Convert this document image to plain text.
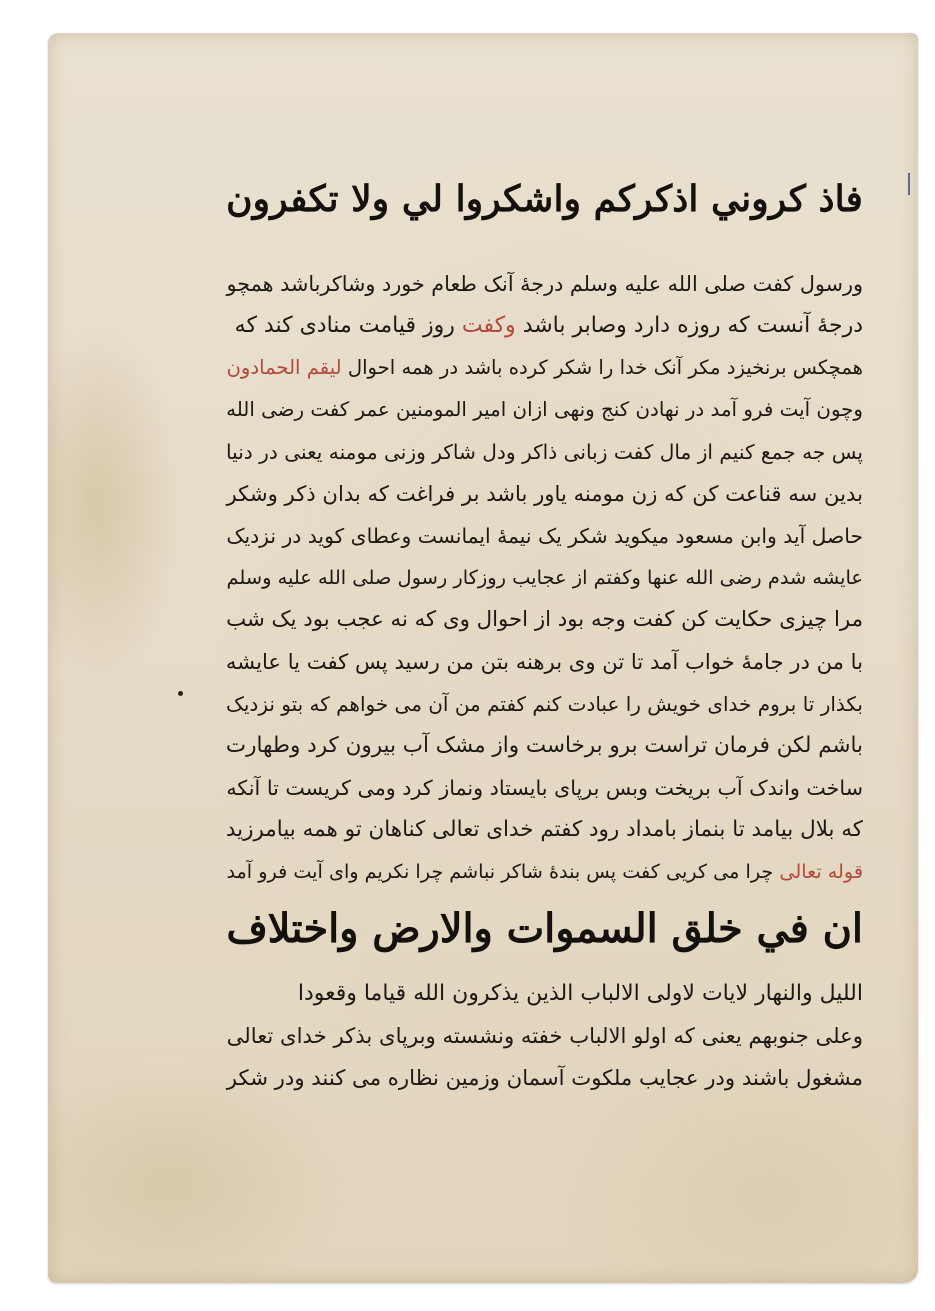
فاذ كروني اذكركم واشكروا لي ولا تكفرون
ورسول كفت صلی الله علیه وسلم درجهٔ آنک طعام خورد وشاکرباشد همچو
درجهٔ آنست که روزه دارد وصابر باشد وکفت روز قیامت منادی کند که
همچکس برنخیزد مکر آنک خدا را شکر کرده باشد در همه احوال لیقم الحمادون
وچون آیت فرو آمد در نهادن کنج ونهی ازان امیر المومنین عمر کفت رضی الله
پس جه جمع کنیم از مال کفت زبانی ذاکر ودل شاکر وزنی مومنه یعنی در دنیا
بدین سه قناعت کن که زن مومنه یاور باشد بر فراغت که بدان ذکر وشکر
حاصل آید وابن مسعود میکوید شکر یک نیمهٔ ایمانست وعطای کوید در نزدیک
عایشه شدم رضی الله عنها وکفتم از عجایب روزکار رسول صلی الله علیه وسلم
مرا چیزی حکایت کن کفت وجه بود از احوال وی که نه عجب بود یک شب
با من در جامهٔ خواب آمد تا تن وی برهنه بتن من رسید پس کفت یا عایشه
بکذار تا بروم خدای خویش را عبادت کنم کفتم من آن می خواهم که بتو نزدیک
باشم لکن فرمان تراست برو برخاست واز مشک آب بیرون کرد وطهارت
ساخت واندک آب بریخت وبس برپای بایستاد ونماز کرد ومی کریست تا آنکه
که بلال بیامد تا بنماز بامداد رود کفتم خدای تعالی کناهان تو همه بیامرزید
قوله تعالی چرا می کریی کفت پس بندهٔ شاکر نباشم چرا نکریم وای آیت فرو آمد
ان في خلق السموات والارض واختلاف
اللیل والنهار لایات لاولی الالباب الذین یذکرون الله قیاما وقعودا
وعلی جنوبهم یعنی که اولو الالباب خفته ونشسته وبرپای بذکر خدای تعالی
مشغول باشند ودر عجایب ملکوت آسمان وزمین نظاره می کنند ودر شکر
